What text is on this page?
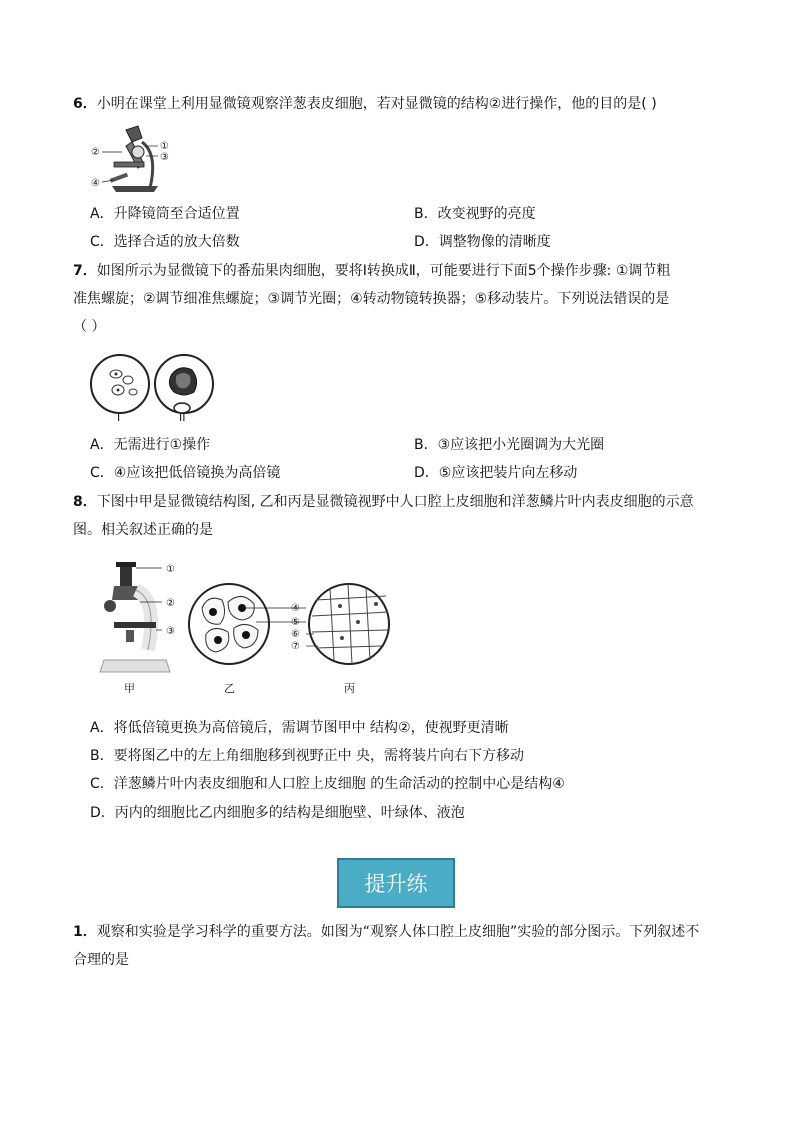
6．小明在课堂上利用显微镜观察洋葱表皮细胞，若对显微镜的结构②进行操作，他的目的是( )
②
①
③
④
A．升降镜筒至合适位置	B．改变视野的亮度
C．选择合适的放大倍数	D．调整物像的清晰度
7．如图所示为显微镜下的番茄果肉细胞，要将Ⅰ转换成Ⅱ，可能要进行下面5个操作步骤: ①调节粗
准焦螺旋；②调节细准焦螺旋；③调节光圈；④转动物镜转换器；⑤移动装片。下列说法错误的是
（ ）
I	II
A．无需进行①操作	B．③应该把小光圈调为大光圈
C．④应该把低倍镜换为高倍镜	D．⑤应该把装片向左移动
8．下图中甲是显微镜结构图, 乙和丙是显微镜视野中人口腔上皮细胞和洋葱鳞片叶内表皮细胞的示意
图。相关叙述正确的是
①
②
③
甲	乙
④
⑤
⑥
⑦
丙
A．将低倍镜更换为高倍镜后，需调节图甲中 结构②，使视野更清晰
B．要将图乙中的左上角细胞移到视野正中 央，需将装片向右下方移动
C．洋葱鳞片叶内表皮细胞和人口腔上皮细胞 的生命活动的控制中心是结构④
D．丙内的细胞比乙内细胞多的结构是细胞壁、叶绿体、液泡
提升练
1．观察和实验是学习科学的重要方法。如图为“观察人体口腔上皮细胞”实验的部分图示。下列叙述不
合理的是
